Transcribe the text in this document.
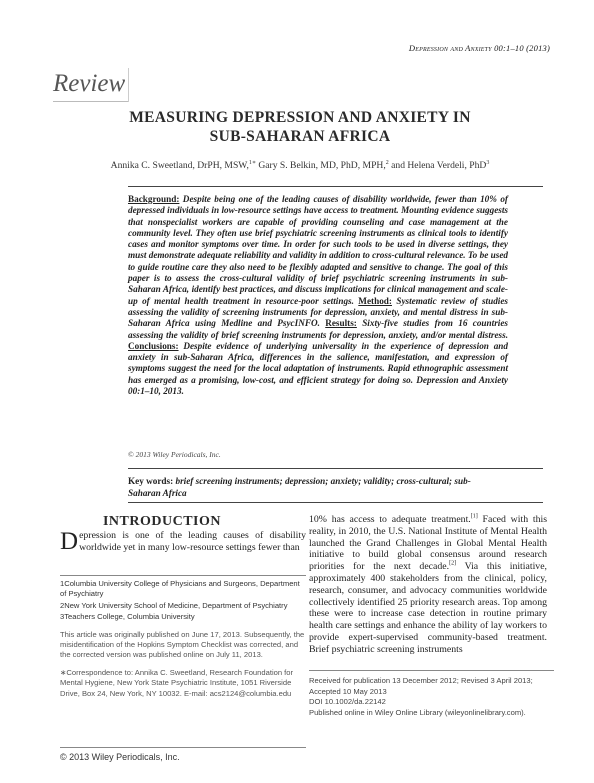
Depression and Anxiety 00:1–10 (2013)
Review
MEASURING DEPRESSION AND ANXIETY IN
SUB-SAHARAN AFRICA
Annika C. Sweetland, DrPH, MSW,$^{1∗}$ Gary S. Belkin, MD, PhD, MPH,$^2$ and Helena Verdeli, PhD$^3$
Background: Despite being one of the leading causes of disability worldwide, fewer than 10% of depressed individuals in low-resource settings have access to treatment. Mounting evidence suggests that nonspecialist workers are capable of providing counseling and case management at the community level. They often use brief psychiatric screening instruments as clinical tools to identify cases and monitor symptoms over time. In order for such tools to be used in diverse settings, they must demonstrate adequate reliability and validity in addition to cross-cultural relevance. To be used to guide routine care they also need to be flexibly adapted and sensitive to change. The goal of this paper is to assess the cross-cultural validity of brief psychiatric screening instruments in sub-Saharan Africa, identify best practices, and discuss implications for clinical management and scale-up of mental health treatment in resource-poor settings. Method: Systematic review of studies assessing the validity of screening instruments for depression, anxiety, and mental distress in sub-Saharan Africa using Medline and PsycINFO. Results: Sixty-five studies from 16 countries assessing the validity of brief screening instruments for depression, anxiety, and/or mental distress. Conclusions: Despite evidence of underlying universality in the experience of depression and anxiety in sub-Saharan Africa, differences in the salience, manifestation, and expression of symptoms suggest the need for the local adaptation of instruments. Rapid ethnographic assessment has emerged as a promising, low-cost, and efficient strategy for doing so. Depression and Anxiety 00:1–10, 2013.
© 2013 Wiley Periodicals, Inc.
Key words: brief screening instruments; depression; anxiety; validity; cross-cultural; sub-Saharan Africa
INTRODUCTION
Depression is one of the leading causes of disability worldwide yet in many low-resource settings fewer than

1Columbia University College of Physicians and Surgeons, Department of Psychiatry

2New York University School of Medicine, Department of Psychiatry

3Teachers College, Columbia University

This article was originally published on June 17, 2013. Subsequently, the misidentification of the Hopkins Symptom Checklist was corrected, and the corrected version was published online on July 11, 2013.

∗Correspondence to: Annika C. Sweetland, Research Foundation for Mental Hygiene, New York State Psychiatric Institute, 1051 Riverside Drive, Box 24, New York, NY 10032. E-mail: acs2124@columbia.edu

© 2013 Wiley Periodicals, Inc.
10% has access to adequate treatment.[1] Faced with this reality, in 2010, the U.S. National Institute of Mental Health launched the Grand Challenges in Global Mental Health initiative to build global consensus around research priorities for the next decade.[2] Via this initiative, approximately 400 stakeholders from the clinical, policy, research, consumer, and advocacy communities worldwide collectively identified 25 priority research areas. Top among these were to increase case detection in routine primary health care settings and enhance the ability of lay workers to provide expert-supervised community-based treatment. Brief psychiatric screening instruments

Received for publication 13 December 2012; Revised 3 April 2013; Accepted 10 May 2013

DOI 10.1002/da.22142

Published online in Wiley Online Library (wileyonlinelibrary.com).
